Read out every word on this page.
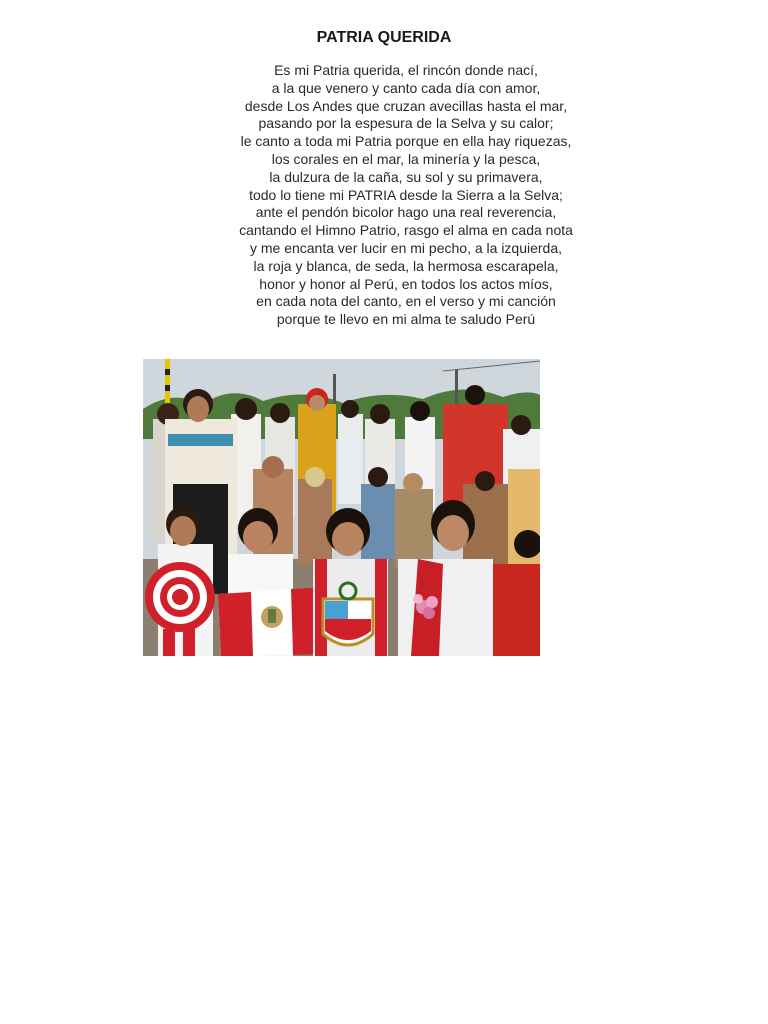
PATRIA QUERIDA
Es mi Patria querida, el rincón donde nací,
a la que venero y canto cada día con amor,
desde Los Andes que cruzan avecillas hasta el mar,
pasando por la espesura de la Selva y su calor;
le canto a toda mi Patria porque en ella hay riquezas,
los corales en el mar, la minería y la pesca,
la dulzura de la caña, su sol y su primavera,
todo lo tiene mi PATRIA desde la Sierra a la Selva;
ante el pendón bicolor hago una real reverencia,
cantando el Himno Patrio, rasgo el alma en cada nota
y me encanta ver lucir en mi pecho, a la izquierda,
la roja y blanca, de seda, la hermosa escarapela,
honor y honor al Perú, en todos los actos míos,
en cada nota del canto, en el verso y mi canción
porque te llevo en mi alma te saludo Perú
